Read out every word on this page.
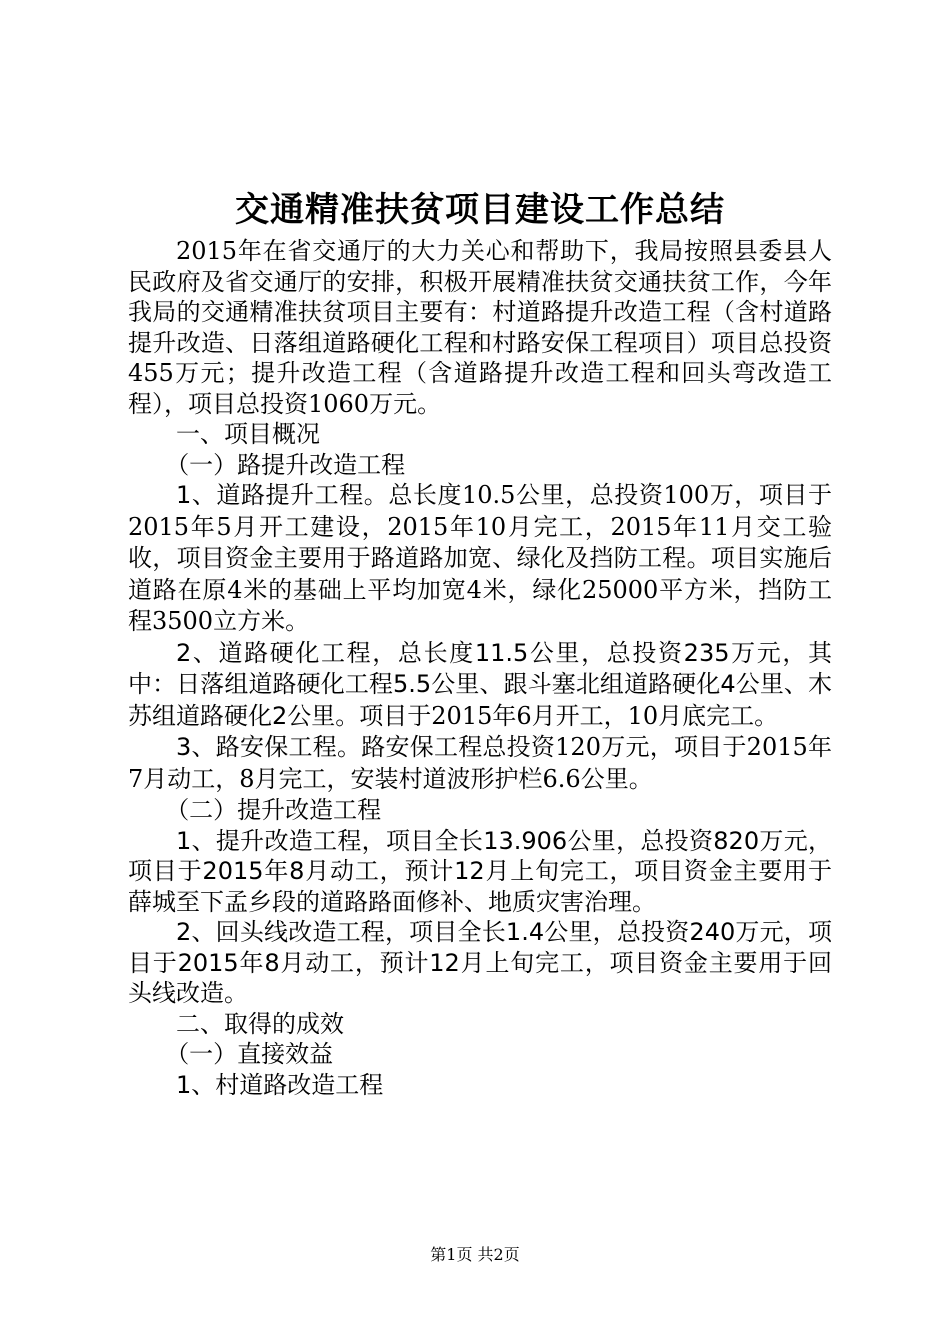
交通精准扶贫项目建设工作总结

2015年在省交通厅的大力关心和帮助下，我局按照县委县人民政府及省交通厅的安排，积极开展精准扶贫交通扶贫工作，今年我局的交通精准扶贫项目主要有：村道路提升改造工程（含村道路提升改造、日落组道路硬化工程和村路安保工程项目）项目总投资455万元；提升改造工程（含道路提升改造工程和回头弯改造工程），项目总投资1060万元。

一、项目概况

（一）路提升改造工程

1、道路提升工程。总长度10.5公里，总投资100万，项目于2015年5月开工建设，2015年10月完工，2015年11月交工验收，项目资金主要用于路道路加宽、绿化及挡防工程。项目实施后道路在原4米的基础上平均加宽4米，绿化25000平方米，挡防工程3500立方米。

2、道路硬化工程，总长度11.5公里，总投资235万元，其中：日落组道路硬化工程5.5公里、跟斗塞北组道路硬化4公里、木苏组道路硬化2公里。项目于2015年6月开工，10月底完工。

3、路安保工程。路安保工程总投资120万元，项目于2015年7月动工，8月完工，安装村道波形护栏6.6公里。

（二）提升改造工程

1、提升改造工程，项目全长13.906公里，总投资820万元，项目于2015年8月动工，预计12月上旬完工，项目资金主要用于薛城至下孟乡段的道路路面修补、地质灾害治理。

2、回头线改造工程，项目全长1.4公里，总投资240万元，项目于2015年8月动工，预计12月上旬完工，项目资金主要用于回头线改造。

二、取得的成效

（一）直接效益

1、村道路改造工程

第1页 共2页
